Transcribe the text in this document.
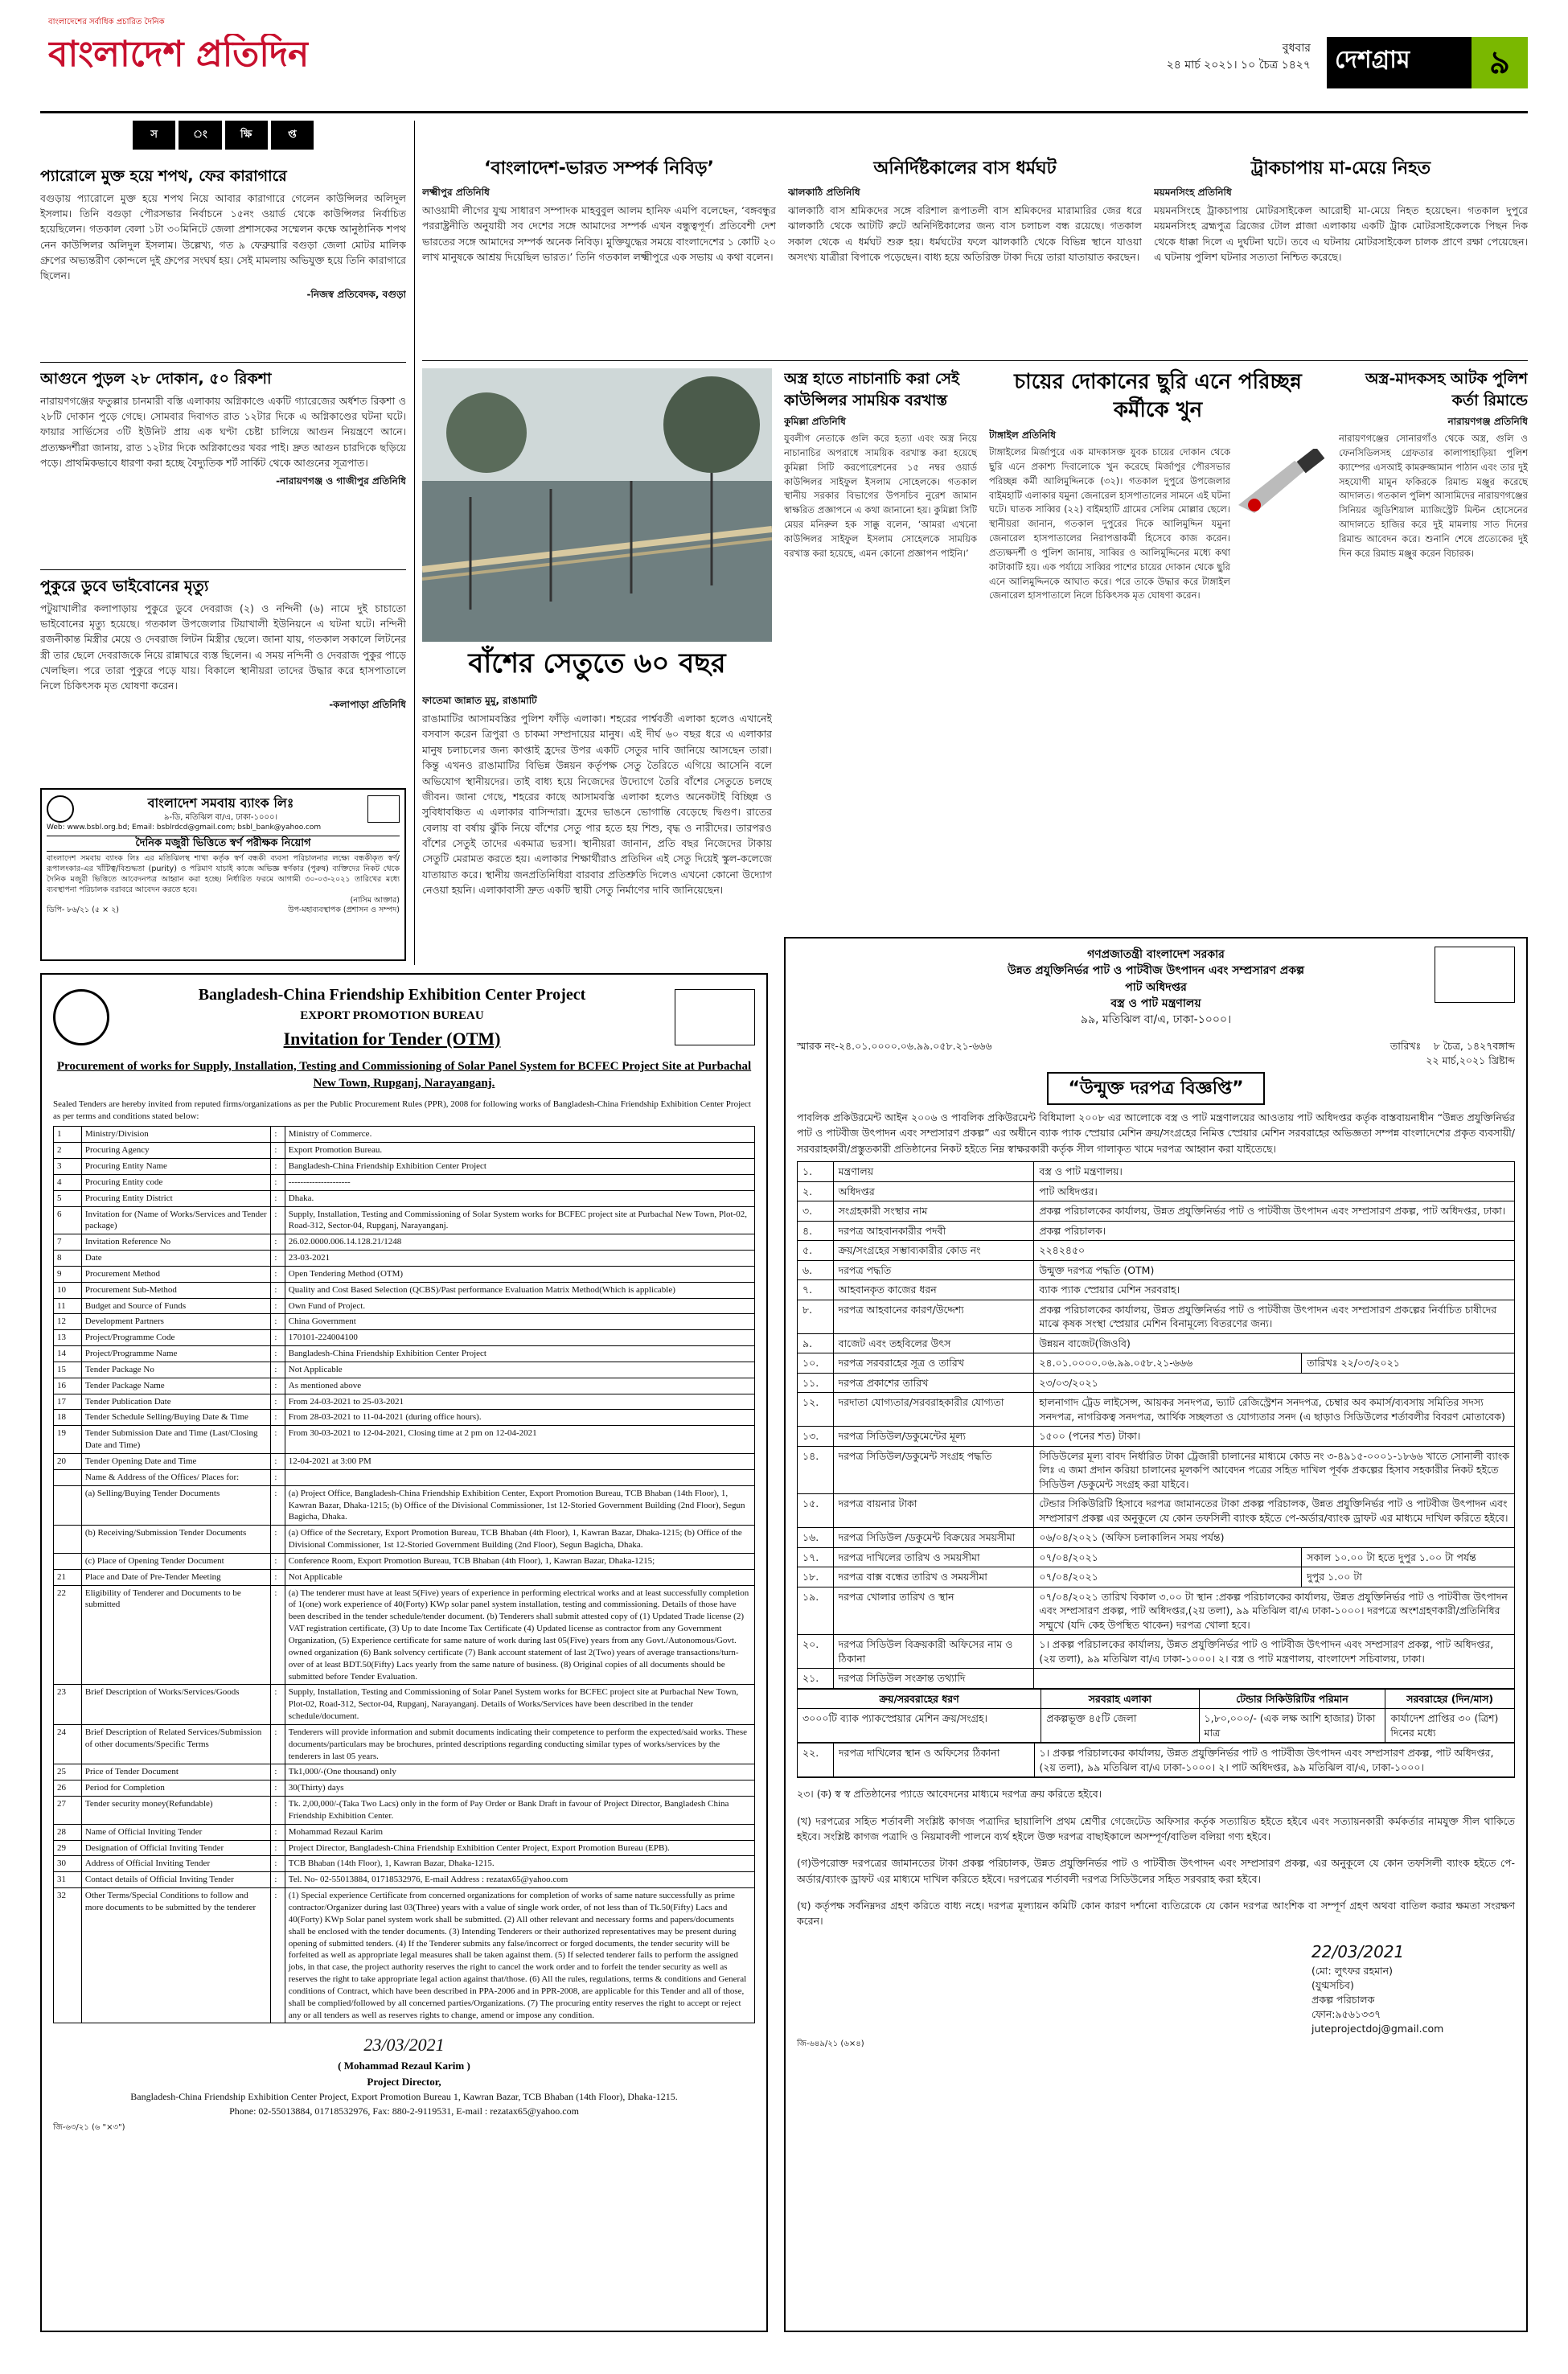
বাংলাদেশের সর্বাধিক প্রচারিত দৈনিক
বাংলাদেশ প্রতিদিন	বুধবার
২৪ মার্চ ২০২১। ১০ চৈত্র ১৪২৭ দেশগ্রাম	৯
স	ং	ক্ষি	প্ত
প্যারোলে মুক্ত হয়ে শপথ, ফের কারাগারে
বগুড়ায় প্যারোলে মুক্ত হয়ে শপথ নিয়ে আবার কারাগারে গেলেন কাউন্সিলর অলিদুল ইসলাম। তিনি বগুড়া পৌরসভার নির্বাচনে ১৫নং ওয়ার্ড থেকে কাউন্সিলর নির্বাচিত হয়েছিলেন। গতকাল বেলা ১টা ৩০মিনিটে জেলা প্রশাসকের সম্মেলন কক্ষে আনুষ্ঠানিক শপথ নেন কাউন্সিলর অলিদুল ইসলাম। উল্লেখ্য, গত ৯ ফেব্রুয়ারি বগুড়া জেলা মোটর মালিক গ্রুপের অভ্যন্তরীণ কোন্দলে দুই গ্রুপের সংঘর্ষ হয়। সেই মামলায় অভিযুক্ত হয়ে তিনি কারাগারে ছিলেন।
-নিজস্ব প্রতিবেদক, বগুড়া
আগুনে পুড়ল ২৮ দোকান, ৫০ রিকশা
নারায়ণগঞ্জের ফতুল্লার চানমারী বস্তি এলাকায় অগ্নিকাণ্ডে একটি গ্যারেজের অর্ধশত রিকশা ও ২৮টি দোকান পুড়ে গেছে। সোমবার দিবাগত রাত ১২টার দিকে এ অগ্নিকাণ্ডের ঘটনা ঘটে। ফায়ার সার্ভিসের ৩টি ইউনিট প্রায় এক ঘণ্টা চেষ্টা চালিয়ে আগুন নিয়ন্ত্রণে আনে। প্রত্যক্ষদর্শীরা জানায়, রাত ১২টার দিকে অগ্নিকাণ্ডের খবর পাই। দ্রুত আগুন চারদিকে ছড়িয়ে পড়ে। প্রাথমিকভাবে ধারণা করা হচ্ছে বৈদ্যুতিক শর্ট সার্কিট থেকে আগুনের সূত্রপাত।
-নারায়ণগঞ্জ ও গাজীপুর প্রতিনিধি
পুকুরে ডুবে ভাইবোনের মৃত্যু
পটুয়াখালীর কলাপাড়ায় পুকুরে ডুবে দেবরাজ (২) ও নন্দিনী (৬) নামে দুই চাচাতো ভাইবোনের মৃত্যু হয়েছে। গতকাল উপজেলার টিয়াখালী ইউনিয়নে এ ঘটনা ঘটে। নন্দিনী রজনীকান্ত মিস্ত্রীর মেয়ে ও দেবরাজ লিটন মিস্ত্রীর ছেলে। জানা যায়, গতকাল সকালে লিটনের স্ত্রী তার ছেলে দেবরাজকে নিয়ে রান্নাঘরে ব্যস্ত ছিলেন। এ সময় নন্দিনী ও দেবরাজ পুকুর পাড়ে খেলছিল। পরে তারা পুকুরে পড়ে যায়। বিকালে স্থানীয়রা তাদের উদ্ধার করে হাসপাতালে নিলে চিকিৎসক মৃত ঘোষণা করেন।
-কলাপাড়া প্রতিনিধি
বাংলাদেশ সমবায় ব্যাংক লিঃ
৯-ডি, মতিঝিল বা/এ, ঢাকা-১০০০।
Web: www.bsbl.org.bd; Email: bsblrdcd@gmail.com; bsbl_bank@yahoo.com
দৈনিক মজুরী ভিত্তিতে স্বর্ণ পরীক্ষক নিয়োগ
বাংলাদেশ সমবায় ব্যাংক লিঃ এর মতিঝিলস্থ শাখা কর্তৃক স্বর্ণ বন্ধকী ব্যবসা পরিচালনার লক্ষ্যে বন্ধকীকৃত স্বর্ণ/রূপালংকার-এর খাঁটিত্ব/বিশুদ্ধতা (purity) ও পরিমাণ যাচাই কাজে অভিজ্ঞ স্বর্ণকার (পুরুষ) ব্যক্তিদের নিকট থেকে দৈনিক মজুরী ভিত্তিতে আবেদনপত্র আহ্বান করা হচ্ছে। নির্ধারিত ফরমে আগামী ৩০-০৩-২০২১ তারিখের মধ্যে ব্যবস্থাপনা পরিচালক বরাবরে আবেদন করতে হবে।
(নাসিম আক্তার)
ডিপি- ৮৬/২১ (৫ × ২)	উপ-মহাব্যবস্থাপক (প্রশাসন ও সম্পদ)
‘বাংলাদেশ-ভারত সম্পর্ক নিবিড়’
লক্ষ্মীপুর প্রতিনিধি
আওয়ামী লীগের যুগ্ম সাধারণ সম্পাদক মাহবুবুল আলম হানিফ এমপি বলেছেন, ‘বঙ্গবন্ধুর পররাষ্ট্রনীতি অনুযায়ী সব দেশের সঙ্গে আমাদের সম্পর্ক এখন বন্ধুত্বপূর্ণ। প্রতিবেশী দেশ ভারতের সঙ্গে আমাদের সম্পর্ক অনেক নিবিড়। মুক্তিযুদ্ধের সময়ে বাংলাদেশের ১ কোটি ২০ লাখ মানুষকে আশ্রয় দিয়েছিল ভারত।’ তিনি গতকাল লক্ষ্মীপুরে এক সভায় এ কথা বলেন।
অনির্দিষ্টকালের বাস ধর্মঘট
ঝালকাঠি প্রতিনিধি
ঝালকাঠি বাস শ্রমিকদের সঙ্গে বরিশাল রূপাতলী বাস শ্রমিকদের মারামারির জের ধরে ঝালকাঠি থেকে আটটি রুটে অনির্দিষ্টকালের জন্য বাস চলাচল বন্ধ রয়েছে। গতকাল সকাল থেকে এ ধর্মঘট শুরু হয়। ধর্মঘটের ফলে ঝালকাঠি থেকে বিভিন্ন স্থানে যাওয়া অসংখ্য যাত্রীরা বিপাকে পড়েছেন। বাধ্য হয়ে অতিরিক্ত টাকা দিয়ে তারা যাতায়াত করছেন।
ট্রাকচাপায় মা-মেয়ে নিহত
ময়মনসিংহ প্রতিনিধি
ময়মনসিংহে ট্রাকচাপায় মোটরসাইকেল আরোহী মা-মেয়ে নিহত হয়েছেন। গতকাল দুপুরে ময়মনসিংহ ব্রহ্মপুত্র ব্রিজের টোল প্লাজা এলাকায় একটি ট্রাক মোটরসাইকেলকে পিছন দিক থেকে ধাক্কা দিলে এ দুর্ঘটনা ঘটে। তবে এ ঘটনায় মোটরসাইকেল চালক প্রাণে রক্ষা পেয়েছেন। এ ঘটনায় পুলিশ ঘটনার সত্যতা নিশ্চিত করেছে।
বাঁশের সেতুতে ৬০ বছর
ফাতেমা জান্নাত মুমু, রাঙামাটি
রাঙামাটির আসামবস্তির পুলিশ ফাঁড়ি এলাকা। শহরের পার্শ্ববর্তী এলাকা হলেও এখানেই বসবাস করেন ত্রিপুরা ও চাকমা সম্প্রদায়ের মানুষ। এই দীর্ঘ ৬০ বছর ধরে এ এলাকার মানুষ চলাচলের জন্য কাপ্তাই হ্রদের উপর একটি সেতুর দাবি জানিয়ে আসছেন তারা। কিন্তু এখনও রাঙামাটির বিভিন্ন উন্নয়ন কর্তৃপক্ষ সেতু তৈরিতে এগিয়ে আসেনি বলে অভিযোগ স্থানীয়দের। তাই বাধ্য হয়ে নিজেদের উদ্যোগে তৈরি বাঁশের সেতুতে চলছে জীবন। জানা গেছে, শহরের কাছে আসামবস্তি এলাকা হলেও অনেকটাই বিচ্ছিন্ন ও সুবিধাবঞ্চিত এ এলাকার বাসিন্দারা। হ্রদের ভাঙনে ভোগান্তি বেড়েছে দ্বিগুণ। রাতের বেলায় বা বর্ষায় ঝুঁকি নিয়ে বাঁশের সেতু পার হতে হয় শিশু, বৃদ্ধ ও নারীদের। তারপরও বাঁশের সেতুই তাদের একমাত্র ভরসা। স্থানীয়রা জানান, প্রতি বছর নিজেদের টাকায় সেতুটি মেরামত করতে হয়। এলাকার শিক্ষার্থীরাও প্রতিদিন এই সেতু দিয়েই স্কুল-কলেজে যাতায়াত করে। স্থানীয় জনপ্রতিনিধিরা বারবার প্রতিশ্রুতি দিলেও এখনো কোনো উদ্যোগ নেওয়া হয়নি। এলাকাবাসী দ্রুত একটি স্থায়ী সেতু নির্মাণের দাবি জানিয়েছেন।
অস্ত্র হাতে নাচানাচি করা সেই কাউন্সিলর সাময়িক বরখাস্ত
কুমিল্লা প্রতিনিধি
যুবলীগ নেতাকে গুলি করে হত্যা এবং অস্ত্র নিয়ে নাচানাচির অপরাধে সাময়িক বরখাস্ত করা হয়েছে কুমিল্লা সিটি করপোরেশনের ১৫ নম্বর ওয়ার্ড কাউন্সিলর সাইফুল ইসলাম সোহেলকে। গতকাল স্থানীয় সরকার বিভাগের উপসচিব নুরেশ জামান স্বাক্ষরিত প্রজ্ঞাপনে এ কথা জানানো হয়। কুমিল্লা সিটি মেয়র মনিরুল হক সাক্কু বলেন, ‘আমরা এখনো কাউন্সিলর সাইফুল ইসলাম সোহেলকে সাময়িক বরখাস্ত করা হয়েছে, এমন কোনো প্রজ্ঞাপন পাইনি।’
চায়ের দোকানের ছুরি এনে পরিচ্ছন্ন কর্মীকে খুন
টাঙ্গাইল প্রতিনিধি
টাঙ্গাইলের মির্জাপুরে এক মাদকাসক্ত যুবক চায়ের দোকান থেকে ছুরি এনে প্রকাশ্য দিবালোকে খুন করেছে মির্জাপুর পৌরসভার পরিচ্ছন্ন কর্মী আলিমুদ্দিনকে (৩২)। গতকাল দুপুরে উপজেলার বাইমহাটি এলাকার যমুনা জেনারেল হাসপাতালের সামনে এই ঘটনা ঘটে। ঘাতক সাব্বির (২২) বাইমহাটি গ্রামের সেলিম মোল্লার ছেলে। স্থানীয়রা জানান, গতকাল দুপুরের দিকে আলিমুদ্দিন যমুনা জেনারেল হাসপাতালের নিরাপত্তাকর্মী হিসেবে কাজ করেন। প্রত্যক্ষদর্শী ও পুলিশ জানায়, সাব্বির ও আলিমুদ্দিনের মধ্যে কথা কাটাকাটি হয়। এক পর্যায়ে সাব্বির পাশের চায়ের দোকান থেকে ছুরি এনে আলিমুদ্দিনকে আঘাত করে। পরে তাকে উদ্ধার করে টাঙ্গাইল জেনারেল হাসপাতালে নিলে চিকিৎসক মৃত ঘোষণা করেন।
অস্ত্র-মাদকসহ আটক পুলিশ কর্তা রিমান্ডে
নারায়ণগঞ্জ প্রতিনিধি
নারায়ণগঞ্জের সোনারগাঁও থেকে অস্ত্র, গুলি ও ফেনসিডিলসহ গ্রেফতার কালাপাহাড়িয়া পুলিশ ক্যাম্পের এসআই কামরুজ্জামান পাঠান এবং তার দুই সহযোগী মামুন ফকিরকে রিমান্ড মঞ্জুর করেছে আদালত। গতকাল পুলিশ আসামিদের নারায়ণগঞ্জের সিনিয়র জুডিশিয়াল ম্যাজিস্ট্রেট মিল্টন হোসেনের আদালতে হাজির করে দুই মামলায় সাত দিনের রিমান্ড আবেদন করে। শুনানি শেষে প্রত্যেকের দুই দিন করে রিমান্ড মঞ্জুর করেন বিচারক।
Bangladesh-China Friendship Exhibition Center Project
EXPORT PROMOTION BUREAU
Invitation for Tender (OTM)
Procurement of works for Supply, Installation, Testing and Commissioning of Solar Panel System for BCFEC Project Site at Purbachal New Town, Rupganj, Narayanganj.
Sealed Tenders are hereby invited from reputed firms/organizations as per the Public Procurement Rules (PPR), 2008 for following works of Bangladesh-China Friendship Exhibition Center Project as per terms and conditions stated below:
1	Ministry/Division	:	Ministry of Commerce.
2	Procuring Agency	:	Export Promotion Bureau.
3	Procuring Entity Name	:	Bangladesh-China Friendship Exhibition Center Project
4	Procuring Entity code	:	---------------------
5	Procuring Entity District	:	Dhaka.
6	Invitation for (Name of Works/Services and Tender package)	:	Supply, Installation, Testing and Commissioning of Solar System works for BCFEC project site at Purbachal New Town, Plot-02, Road-312, Sector-04, Rupganj, Narayanganj.
7	Invitation Reference No	:	26.02.0000.006.14.128.21/1248
8	Date	:	23-03-2021
9	Procurement Method	:	Open Tendering Method (OTM)
10	Procurement Sub-Method	:	Quality and Cost Based Selection (QCBS)/Past performance Evaluation Matrix Method(Which is applicable)
11	Budget and Source of Funds	:	Own Fund of Project.
12	Development Partners	:	China Government
13	Project/Programme Code	:	170101-224004100
14	Project/Programme Name	:	Bangladesh-China Friendship Exhibition Center Project
15	Tender Package No	:	Not Applicable
16	Tender Package Name	:	As mentioned above
17	Tender Publication Date	:	From 24-03-2021 to 25-03-2021
18	Tender Schedule Selling/Buying Date & Time	:	From 28-03-2021 to 11-04-2021 (during office hours).
19	Tender Submission Date and Time (Last/Closing Date and Time)	:	From 30-03-2021 to 12-04-2021, Closing time at 2 pm on 12-04-2021
20	Tender Opening Date and Time	:	12-04-2021 at 3:00 PM
	Name & Address of the Offices/ Places for:	:	
	(a) Selling/Buying Tender Documents	:	(a) Project Office, Bangladesh-China Friendship Exhibition Center, Export Promotion Bureau, TCB Bhaban (14th Floor), 1, Kawran Bazar, Dhaka-1215; (b) Office of the Divisional Commissioner, 1st 12-Storied Government Building (2nd Floor), Segun Bagicha, Dhaka.
	(b) Receiving/Submission Tender Documents	:	(a) Office of the Secretary, Export Promotion Bureau, TCB Bhaban (4th Floor), 1, Kawran Bazar, Dhaka-1215; (b) Office of the Divisional Commissioner, 1st 12-Storied Government Building (2nd Floor), Segun Bagicha, Dhaka.
	(c) Place of Opening Tender Document	:	Conference Room, Export Promotion Bureau, TCB Bhaban (4th Floor), 1, Kawran Bazar, Dhaka-1215;
21	Place and Date of Pre-Tender Meeting	:	Not Applicable
22	Eligibility of Tenderer and Documents to be submitted	:	(a) The tenderer must have at least 5(Five) years of experience in performing electrical works and at least successfully completion of 1(one) work experience of 40(Forty) KWp solar panel system installation, testing and commissioning. Details of those have been described in the tender schedule/tender document. (b) Tenderers shall submit attested copy of (1) Updated Trade license (2) VAT registration certificate, (3) Up to date Income Tax Certificate (4) Updated license as contractor from any Government Organization, (5) Experience certificate for same nature of work during last 05(Five) years from any Govt./Autonomous/Govt. owned organization (6) Bank solvency certificate (7) Bank account statement of last 2(Two) years of average transactions/turn-over of at least BDT.50(Fifty) Lacs yearly from the same nature of business. (8) Original copies of all documents should be submitted before Tender Evaluation.
23	Brief Description of Works/Services/Goods	:	Supply, Installation, Testing and Commissioning of Solar Panel System works for BCFEC project site at Purbachal New Town, Plot-02, Road-312, Sector-04, Rupganj, Narayanganj. Details of Works/Services have been described in the tender schedule/document.
24	Brief Description of Related Services/Submission of other documents/Specific Terms	:	Tenderers will provide information and submit documents indicating their competence to perform the expected/said works. These documents/particulars may be brochures, printed descriptions regarding conducting similar types of works/services by the tenderers in last 05 years.
25	Price of Tender Document	:	Tk1,000/-(One thousand) only
26	Period for Completion	:	30(Thirty) days
27	Tender security money(Refundable)	:	Tk. 2,00,000/-(Taka Two Lacs) only in the form of Pay Order or Bank Draft in favour of Project Director, Bangladesh China Friendship Exhibition Center.
28	Name of Official Inviting Tender	:	Mohammad Rezaul Karim
29	Designation of Official Inviting Tender	:	Project Director, Bangladesh-China Friendship Exhibition Center Project, Export Promotion Bureau (EPB).
30	Address of Official Inviting Tender	:	TCB Bhaban (14th Floor), 1, Kawran Bazar, Dhaka-1215.
31	Contact details of Official Inviting Tender	:	Tel. No- 02-55013884, 01718532976, E-mail Address : rezatax65@yahoo.com
32	Other Terms/Special Conditions to follow and more documents to be submitted by the tenderer	:	(1) Special experience Certificate from concerned organizations for completion of works of same nature successfully as prime contractor/Organizer during last 03(Three) years with a value of single work order, of not less than of Tk.50(Fifty) Lacs and 40(Forty) KWp Solar panel system work shall be submitted. (2) All other relevant and necessary forms and papers/documents shall be enclosed with the tender documents. (3) Intending Tenderers or their authorized representatives may be present during opening of submitted tenders. (4) If the Tenderer submits any false/incorrect or forged documents, the tender security will be forfeited as well as appropriate legal measures shall be taken against them. (5) If selected tenderer fails to perform the assigned jobs, in that case, the project authority reserves the right to cancel the work order and to forfeit the tender security as well as reserves the right to take appropriate legal action against that/those. (6) All the rules, regulations, terms & conditions and General conditions of Contract, which have been described in PPA-2006 and in PPR-2008, are applicable for this Tender and all of those, shall be complied/followed by all concerned parties/Organizations. (7) The procuring entity reserves the right to accept or reject any or all tenders as well as reserves rights to change, amend or impose any condition.
23/03/2021
( Mohammad Rezaul Karim )
Project Director,
Bangladesh-China Friendship Exhibition Center Project, Export Promotion Bureau 1, Kawran Bazar, TCB Bhaban (14th Floor), Dhaka-1215.
Phone: 02-55013884, 01718532976, Fax: 880-2-9119531, E-mail : rezatax65@yahoo.com
জি-৬৩/২১ (৬ "×৩")
গণপ্রজাতন্ত্রী বাংলাদেশ সরকার
উন্নত প্রযুক্তিনির্ভর পাট ও পাটবীজ উৎপাদন এবং সম্প্রসারণ প্রকল্প
পাট অধিদপ্তর
বস্ত্র ও পাট মন্ত্রণালয়
৯৯, মতিঝিল বা/এ, ঢাকা-১০০০।
স্মারক নং-২৪.০১.০০০০.০৬.৯৯.০৫৮.২১-৬৬৬	তারিখঃ	৮ চৈত্র, ১৪২৭বঙ্গাব্দ
২২ মার্চ,২০২১ খ্রিষ্টাব্দ
“উন্মুক্ত দরপত্র বিজ্ঞপ্তি”
পাবলিক প্রকিউরমেন্ট আইন ২০০৬ ও পাবলিক প্রকিউরমেন্ট বিধিমালা ২০০৮ এর আলোকে বস্ত্র ও পাট মন্ত্রণালয়ের আওতায় পাট অধিদপ্তর কর্তৃক বাস্তবায়নাধীন “উন্নত প্রযুক্তিনির্ভর পাট ও পাটবীজ উৎপাদন এবং সম্প্রসারণ প্রকল্প” এর অধীনে ব্যাক প্যাক স্প্রেয়ার মেশিন ক্রয়/সংগ্রহের নিমিত্ত স্প্রেয়ার মেশিন সরবরাহের অভিজ্ঞতা সম্পন্ন বাংলাদেশের প্রকৃত ব্যবসায়ী/ সরবরাহকারী/প্রস্তুতকারী প্রতিষ্ঠানের নিকট হইতে নিম্ন স্বাক্ষরকারী কর্তৃক সীল গালাকৃত খামে দরপত্র আহ্বান করা যাইতেছে।
১.	মন্ত্রণালয়	বস্ত্র ও পাট মন্ত্রণালয়।	
২.	অধিদপ্তর	পাট অধিদপ্তর।	
৩.	সংগ্রহকারী সংস্থার নাম	প্রকল্প পরিচালকের কার্যালয়, উন্নত প্রযুক্তিনির্ভর পাট ও পাটবীজ উৎপাদন এবং সম্প্রসারণ প্রকল্প, পাট অধিদপ্তর, ঢাকা।	
৪.	দরপত্র আহবানকারীর পদবী	প্রকল্প পরিচালক।	
৫.	ক্রয়/সংগ্রহের সম্ভাব্যকারীর কোড নং	২২৪২৪৫০	
৬.	দরপত্র পদ্ধতি	উন্মুক্ত দরপত্র পদ্ধতি (OTM)	
৭.	আহবানকৃত কাজের ধরন	ব্যাক প্যাক স্প্রেয়ার মেশিন সরবরাহ।	
৮.	দরপত্র আহবানের কারণ/উদ্দেশ্য	প্রকল্প পরিচালকের কার্যালয়, উন্নত প্রযুক্তিনির্ভর পাট ও পাটবীজ উৎপাদন এবং সম্প্রসারণ প্রকল্পের নির্বাচিত চাষীদের মাঝে কৃষক সংস্থা স্প্রেয়ার মেশিন বিনামূল্যে বিতরণের জন্য।	
৯.	বাজেট এবং তহবিলের উৎস	উন্নয়ন বাজেট(জিওবি)	
১০.	দরপত্র সরবরাহের সূত্র ও তারিখ	২৪.০১.০০০০.০৬.৯৯.০৫৮.২১-৬৬৬	তারিখঃ ২২/০৩/২০২১
১১.	দরপত্র প্রকাশের তারিখ	২৩/০৩/২০২১	
১২.	দরদাতা যোগ্যতার/সরবরাহকারীর যোগ্যতা	হালনাগাদ ট্রেড লাইসেন্স, আয়কর সনদপত্র, ভ্যাট রেজিস্ট্রেশন সনদপত্র, চেম্বার অব কমার্স/ব্যবসায় সমিতির সদস্য সনদপত্র, নাগরিকত্ব সনদপত্র, আর্থিক সচ্ছলতা ও যোগ্যতার সনদ (এ ছাড়াও সিডিউলের শর্তাবলীর বিবরণ মোতাবেক)	
১৩.	দরপত্র সিডিউল/ডকুমেন্টের মূল্য	১৫০০ (পনের শত) টাকা।	
১৪.	দরপত্র সিডিউল/ডকুমেন্ট সংগ্রহ পদ্ধতি	সিডিউলের মূল্য বাবদ নির্ধারিত টাকা ট্রেজারী চালানের মাধ্যমে কোড নং ৩-৪৯১৫-০০০১-১৮৬৬ খাতে সোনালী ব্যাংক লিঃ এ জমা প্রদান করিয়া চালানের মূলকপি আবেদন পত্রের সহিত দাখিল পূর্বক প্রকল্পের হিসাব সহকারীর নিকট হইতে সিডিউল /ডকুমেন্ট সংগ্রহ করা যাইবে।	
১৫.	দরপত্র বায়নার টাকা	টেন্ডার সিকিউরিটি হিসাবে দরপত্র জামানতের টাকা প্রকল্প পরিচালক, উন্নত প্রযুক্তিনির্ভর পাট ও পাটবীজ উৎপাদন এবং সম্প্রসারণ প্রকল্প এর অনুকূলে যে কোন তফসিলী ব্যাংক হইতে পে-অর্ডার/ব্যাংক ড্রাফট এর মাধ্যমে দাখিল করিতে হইবে।	
১৬.	দরপত্র সিডিউল /ডকুমেন্ট বিক্রয়ের সময়সীমা	০৬/০৪/২০২১ (অফিস চলাকালিন সময় পর্যন্ত)	
১৭.	দরপত্র দাখিলের তারিখ ও সময়সীমা	০৭/০৪/২০২১	সকাল ১০.০০ টা হতে দুপুর ১.০০ টা পর্যন্ত
১৮.	দরপত্র বাক্স বন্ধের তারিখ ও সময়সীমা	০৭/০৪/২০২১	দুপুর ১.০০ টা
১৯.	দরপত্র খোলার তারিখ ও স্থান	০৭/০৪/২০২১ তারিখ বিকাল ৩.০০ টা স্থান :প্রকল্প পরিচালকের কার্যালয়, উন্নত প্রযুক্তিনির্ভর পাট ও পাটবীজ উৎপাদন এবং সম্প্রসারণ প্রকল্প, পাট অধিদপ্তর,(২য় তলা), ৯৯ মতিঝিল বা/এ ঢাকা-১০০০। দরপত্রে অংশগ্রহণকারী/প্রতিনিধির সম্মুখে (যদি কেহ উপস্থিত থাকেন) দরপত্র খোলা হবে।	
২০.	দরপত্র সিডিউল বিক্রয়কারী অফিসের নাম ও ঠিকানা	১। প্রকল্প পরিচালকের কার্যালয়, উন্নত প্রযুক্তিনির্ভর পাট ও পাটবীজ উৎপাদন এবং সম্প্রসারণ প্রকল্প, পাট অধিদপ্তর,(২য় তলা), ৯৯ মতিঝিল বা/এ ঢাকা-১০০০। ২। বস্ত্র ও পাট মন্ত্রণালয়, বাংলাদেশ সচিবালয়, ঢাকা।	
২১.	দরপত্র সিডিউল সংক্রান্ত তথ্যাদি		
ক্রয়/সরবরাহের ধরণ	সরবরাহ এলাকা	টেন্ডার সিকিউরিটির পরিমান	সরবরাহের (দিন/মাস)
৩০০০টি ব্যাক প্যাকস্প্রেয়ার মেশিন ক্রয়/সংগ্রহ।	প্রকল্পভূক্ত ৪৫টি জেলা	১,৮০,০০০/- (এক লক্ষ আশি হাজার) টাকা মাত্র	কার্যাদেশ প্রাপ্তির ৩০ (ত্রিশ) দিনের মধ্যে

২২.	দরপত্র দাখিলের স্থান ও অফিসের ঠিকানা	১। প্রকল্প পরিচালকের কার্যালয়, উন্নত প্রযুক্তিনির্ভর পাট ও পাটবীজ উৎপাদন এবং সম্প্রসারণ প্রকল্প, পাট অধিদপ্তর,(২য় তলা), ৯৯ মতিঝিল বা/এ ঢাকা-১০০০। ২। পাট অধিদপ্তর, ৯৯ মতিঝিল বা/এ, ঢাকা-১০০০।

২৩। (ক) স্ব স্ব প্রতিষ্ঠানের প্যাডে আবেদনের মাধ্যমে দরপত্র ক্রয় করিতে হইবে।

(খ) দরপত্রের সহিত শর্তাবলী সংশ্লিষ্ট কাগজ পত্রাদির ছায়ালিপি প্রথম শ্রেণীর গেজেটেড অফিসার কর্তৃক সত্যায়িত হইতে হইবে এবং সত্যায়নকারী কর্মকর্তার নামযুক্ত সীল থাকিতে হইবে। সংশ্লিষ্ট কাগজ পত্রাদি ও নিয়মাবলী পালনে ব্যর্থ হইলে উক্ত দরপত্র বাছাইকালে অসম্পূর্ণ/বাতিল বলিয়া গণ্য হইবে।

(গ)উপরোক্ত দরপত্রের জামানতের টাকা প্রকল্প পরিচালক, উন্নত প্রযুক্তিনির্ভর পাট ও পাটবীজ উৎপাদন এবং সম্প্রসারণ প্রকল্প, এর অনুকূলে যে কোন তফসিলী ব্যাংক হইতে পে-অর্ডার/ব্যাংক ড্রাফট এর মাধ্যমে দাখিল করিতে হইবে। দরপত্রের শর্তাবলী দরপত্র সিডিউলের সহিত সরবরাহ করা হইবে।

(ঘ) কর্তৃপক্ষ সর্বনিম্নদর গ্রহণ করিতে বাধ্য নহে। দরপত্র মূল্যায়ন কমিটি কোন কারণ দর্শানো ব্যতিরেকে যে কোন দরপত্র আংশিক বা সম্পূর্ণ গ্রহণ অথবা বাতিল করার ক্ষমতা সংরক্ষণ করেন।

22/03/2021
(মো: লুৎফর রহমান)
(যুগ্মসচিব)
প্রকল্প পরিচালক
ফোন:৯৫৬১৩৩৭
juteprojectdoj@gmail.com
জি-৬৪৯/২১ (৬×৪)
